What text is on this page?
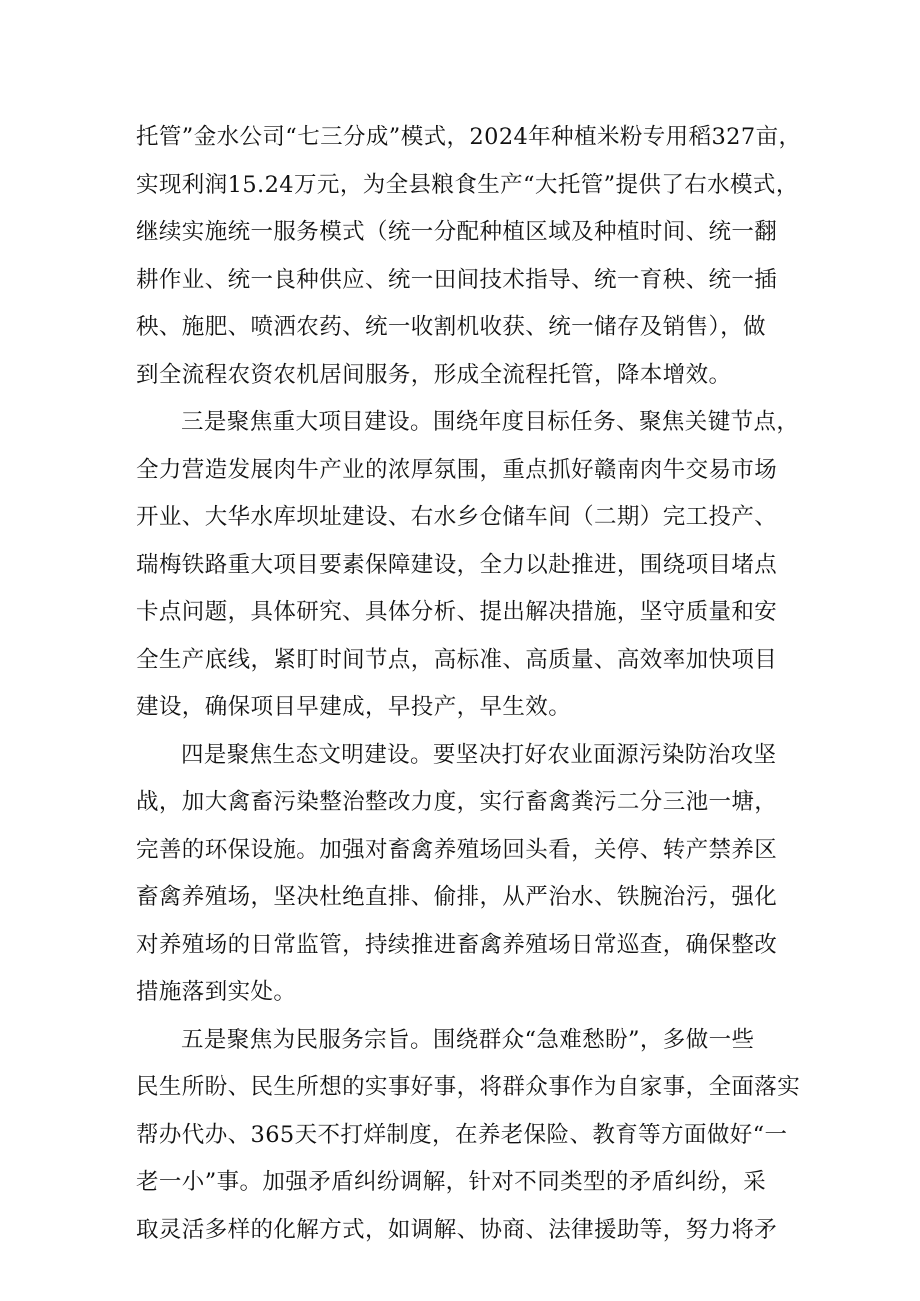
托管”金水公司“七三分成”模式，2024年种植米粉专用稻327亩，
实现利润15.24万元，为全县粮食生产“大托管”提供了右水模式，
继续实施统一服务模式（统一分配种植区域及种植时间、统一翻
耕作业、统一良种供应、统一田间技术指导、统一育秧、统一插
秧、施肥、喷洒农药、统一收割机收获、统一储存及销售），做
到全流程农资农机居间服务，形成全流程托管，降本增效。
三是聚焦重大项目建设。围绕年度目标任务、聚焦关键节点，
全力营造发展肉牛产业的浓厚氛围，重点抓好赣南肉牛交易市场
开业、大华水库坝址建设、右水乡仓储车间（二期）完工投产、
瑞梅铁路重大项目要素保障建设，全力以赴推进，围绕项目堵点
卡点问题，具体研究、具体分析、提出解决措施，坚守质量和安
全生产底线，紧盯时间节点，高标准、高质量、高效率加快项目
建设，确保项目早建成，早投产，早生效。
四是聚焦生态文明建设。要坚决打好农业面源污染防治攻坚
战，加大禽畜污染整治整改力度，实行畜禽粪污二分三池一塘，
完善的环保设施。加强对畜禽养殖场回头看，关停、转产禁养区
畜禽养殖场，坚决杜绝直排、偷排，从严治水、铁腕治污，强化
对养殖场的日常监管，持续推进畜禽养殖场日常巡查，确保整改
措施落到实处。
五是聚焦为民服务宗旨。围绕群众“急难愁盼”，多做一些
民生所盼、民生所想的实事好事，将群众事作为自家事，全面落实
帮办代办、365天不打烊制度，在养老保险、教育等方面做好“一
老一小”事。加强矛盾纠纷调解，针对不同类型的矛盾纠纷，采
取灵活多样的化解方式，如调解、协商、法律援助等，努力将矛
